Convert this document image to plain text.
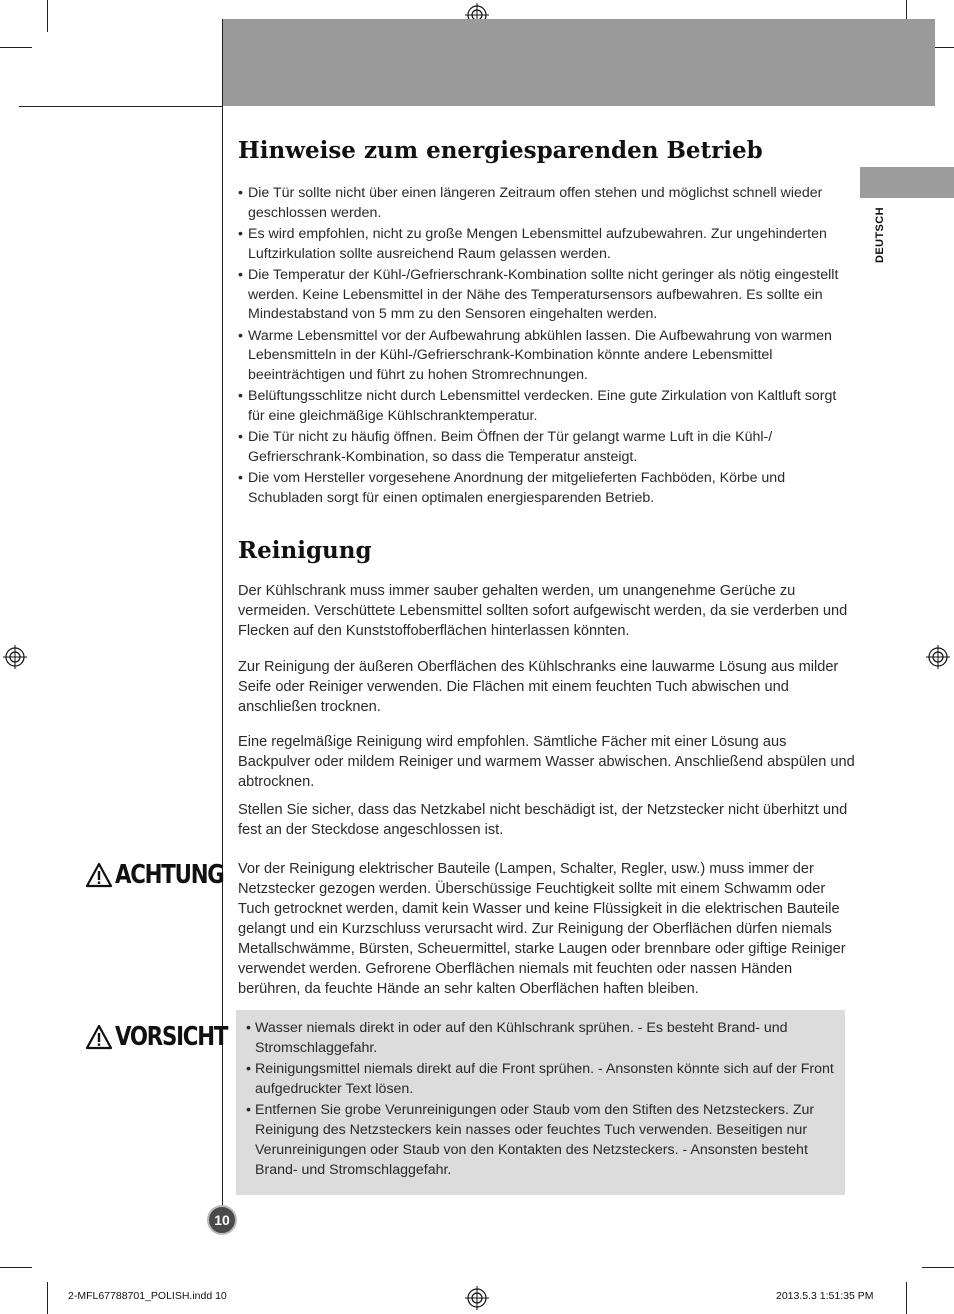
DEUTSCH
Hinweise zum energiesparenden Betrieb
• Die Tür sollte nicht über einen längeren Zeitraum offen stehen und möglichst schnell wieder geschlossen werden.
• Es wird empfohlen, nicht zu große Mengen Lebensmittel aufzubewahren. Zur ungehinderten Luftzirkulation sollte ausreichend Raum gelassen werden.
• Die Temperatur der Kühl-/Gefrierschrank-Kombination sollte nicht geringer als nötig eingestellt werden. Keine Lebensmittel in der Nähe des Temperatursensors aufbewahren. Es sollte ein Mindestabstand von 5 mm zu den Sensoren eingehalten werden.
• Warme Lebensmittel vor der Aufbewahrung abkühlen lassen. Die Aufbewahrung von warmen Lebensmitteln in der Kühl-/Gefrierschrank-Kombination könnte andere Lebensmittel beeinträchtigen und führt zu hohen Stromrechnungen.
• Belüftungsschlitze nicht durch Lebensmittel verdecken. Eine gute Zirkulation von Kaltluft sorgt für eine gleichmäßige Kühlschranktemperatur.
• Die Tür nicht zu häufig öffnen. Beim Öffnen der Tür gelangt warme Luft in die Kühl-/ Gefrierschrank-Kombination, so dass die Temperatur ansteigt.
• Die vom Hersteller vorgesehene Anordnung der mitgelieferten Fachböden, Körbe und Schubladen sorgt für einen optimalen energiesparenden Betrieb.
Reinigung

Der Kühlschrank muss immer sauber gehalten werden, um unangenehme Gerüche zu vermeiden. Verschüttete Lebensmittel sollten sofort aufgewischt werden, da sie verderben und Flecken auf den Kunststoffoberflächen hinterlassen könnten.

Zur Reinigung der äußeren Oberflächen des Kühlschranks eine lauwarme Lösung aus milder Seife oder Reiniger verwenden. Die Flächen mit einem feuchten Tuch abwischen und anschließen trocknen.

Eine regelmäßige Reinigung wird empfohlen. Sämtliche Fächer mit einer Lösung aus Backpulver oder mildem Reiniger und warmem Wasser abwischen. Anschließend abspülen und abtrocknen.

Stellen Sie sicher, dass das Netzkabel nicht beschädigt ist, der Netzstecker nicht überhitzt und fest an der Steckdose angeschlossen ist.

Vor der Reinigung elektrischer Bauteile (Lampen, Schalter, Regler, usw.) muss immer der Netzstecker gezogen werden. Überschüssige Feuchtigkeit sollte mit einem Schwamm oder Tuch getrocknet werden, damit kein Wasser und keine Flüssigkeit in die elektrischen Bauteile gelangt und ein Kurzschluss verursacht wird. Zur Reinigung der Oberflächen dürfen niemals Metallschwämme, Bürsten, Scheuermittel, starke Laugen oder brennbare oder giftige Reiniger verwendet werden. Gefrorene Oberflächen niemals mit feuchten oder nassen Händen berühren, da feuchte Hände an sehr kalten Oberflächen haften bleiben.

ACHTUNG
VORSICHT
•	Wasser niemals direkt in oder auf den Kühlschrank sprühen. - Es besteht Brand- und Stromschlaggefahr.
• Reinigungsmittel niemals direkt auf die Front sprühen. - Ansonsten könnte sich auf der Front aufgedruckter Text lösen.
• Entfernen Sie grobe Verunreinigungen oder Staub vom den Stiften des Netzsteckers. Zur Reinigung des Netzsteckers kein nasses oder feuchtes Tuch verwenden. Beseitigen nur Verunreinigungen oder Staub von den Kontakten des Netzsteckers. - Ansonsten besteht Brand- und Stromschlaggefahr.
10
2-MFL67788701_POLISH.indd 10	2013.5.3 1:51:35 PM
